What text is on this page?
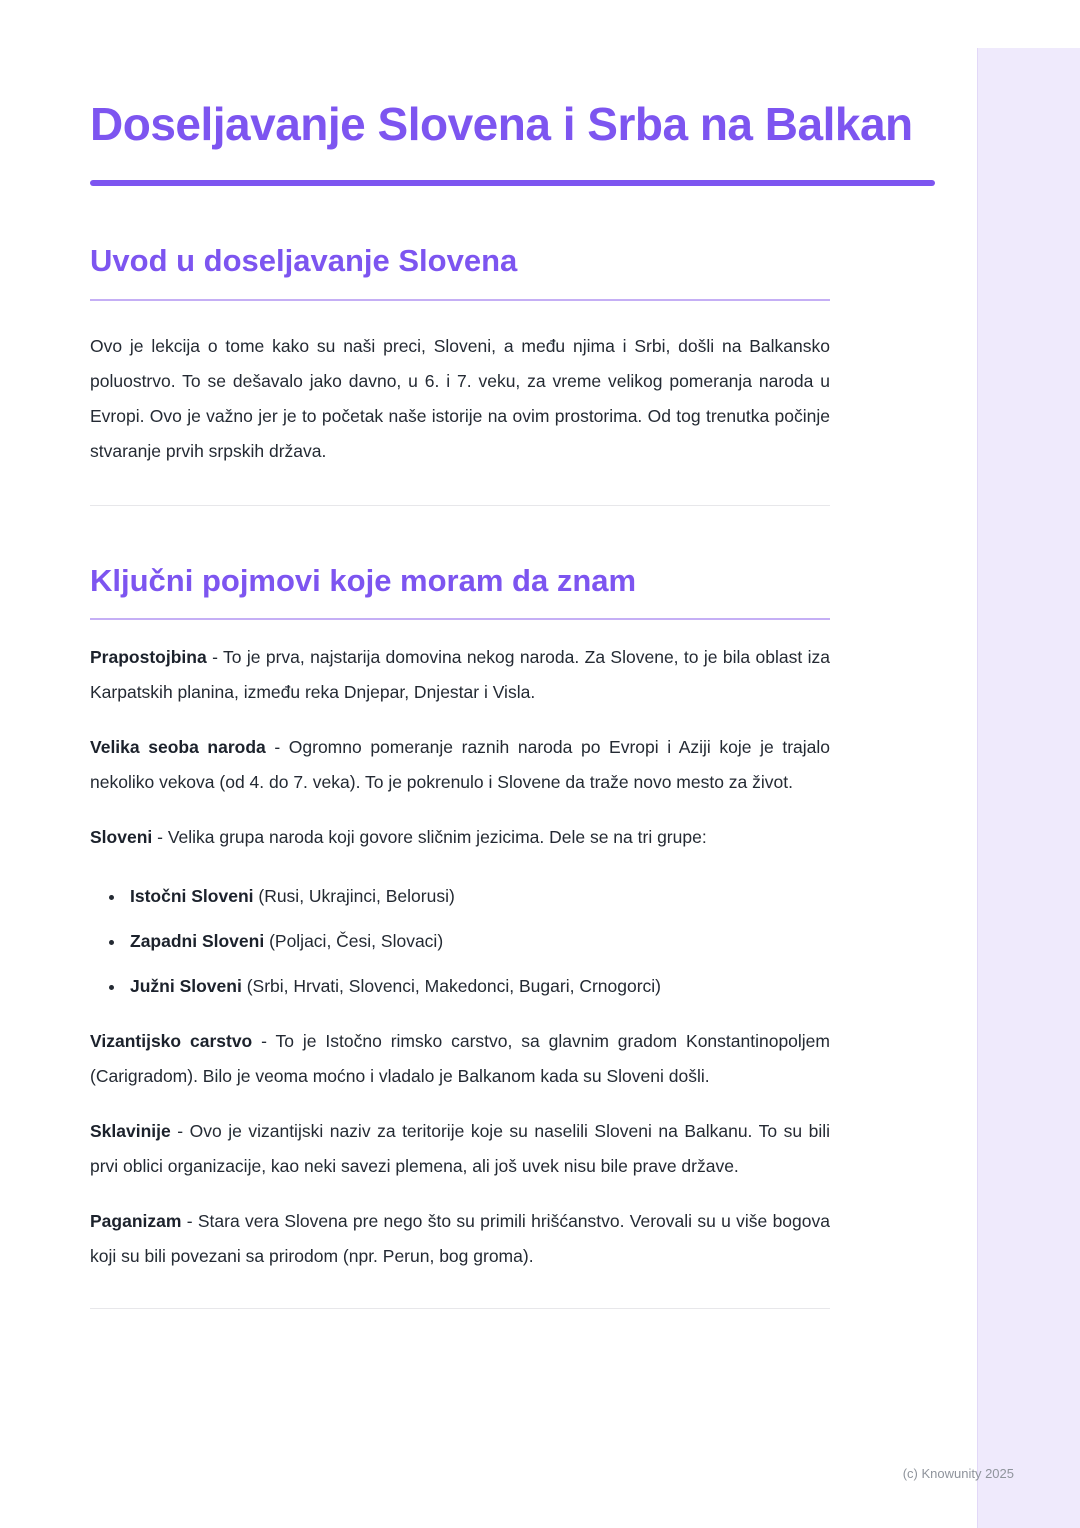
Doseljavanje Slovena i Srba na Balkan
Uvod u doseljavanje Slovena

Ovo je lekcija o tome kako su naši preci, Sloveni, a među njima i Srbi, došli na Balkansko poluostrvo. To se dešavalo jako davno, u 6. i 7. veku, za vreme velikog pomeranja naroda u Evropi. Ovo je važno jer je to početak naše istorije na ovim prostorima. Od tog trenutka počinje stvaranje prvih srpskih država.

Ključni pojmovi koje moram da znam

Prapostojbina - To je prva, najstarija domovina nekog naroda. Za Slovene, to je bila oblast iza Karpatskih planina, između reka Dnjepar, Dnjestar i Visla.

Velika seoba naroda - Ogromno pomeranje raznih naroda po Evropi i Aziji koje je trajalo nekoliko vekova (od 4. do 7. veka). To je pokrenulo i Slovene da traže novo mesto za život.

Sloveni - Velika grupa naroda koji govore sličnim jezicima. Dele se na tri grupe:

• Istočni Sloveni (Rusi, Ukrajinci, Belorusi)
• Zapadni Sloveni (Poljaci, Česi, Slovaci)
• Južni Sloveni (Srbi, Hrvati, Slovenci, Makedonci, Bugari, Crnogorci)

Vizantijsko carstvo - To je Istočno rimsko carstvo, sa glavnim gradom Konstantinopoljem (Carigradom). Bilo je veoma moćno i vladalo je Balkanom kada su Sloveni došli.

Sklavinije - Ovo je vizantijski naziv za teritorije koje su naselili Sloveni na Balkanu. To su bili prvi oblici organizacije, kao neki savezi plemena, ali još uvek nisu bile prave države.

Paganizam - Stara vera Slovena pre nego što su primili hrišćanstvo. Verovali su u više bogova koji su bili povezani sa prirodom (npr. Perun, bog groma).

(c) Knowunity 2025
